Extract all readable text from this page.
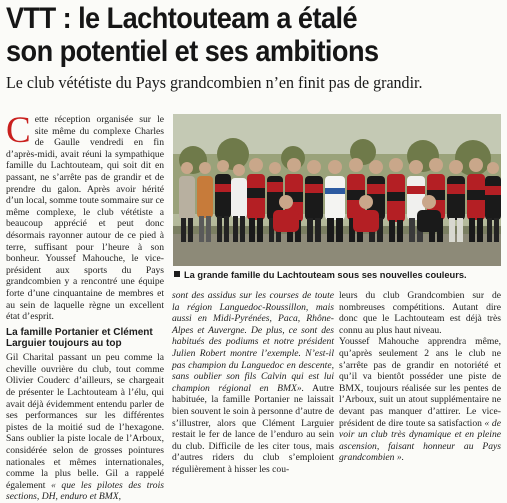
VTT : le Lachtouteam a étalé
son potentiel et ses ambitions

Le club vététiste du Pays grandcombien n’en finit pas de grandir.

Cette réception organisée sur le site même du complexe Charles de Gaulle vendredi en fin d’après-midi, avait réuni la sympathique famille du Lachtouteam, qui soit dit en passant, ne s’arrête pas de grandir et de prendre du galon. Après avoir hérité d’un local, somme toute sommaire sur ce même complexe, le club vététiste a beaucoup apprécié et peut donc désormais rayonner autour de ce pied à terre, suffisant pour l’heure à son bonheur. Youssef Mahouche, le vice-président aux sports du Pays grandcombien y a rencontré une équipe forte d’une cinquantaine de membres et au sein de laquelle règne un excellent état d’esprit.

La famille Portanier et Clément Larguier toujours au top

Gil Charital passant un peu comme la cheville ouvrière du club, tout comme Olivier Couderc d’ailleurs, se chargeait de présenter le Lachtouteam à l’élu, qui avait déjà évidemment entendu parler de ses performances sur les différentes pistes de la moitié sud de l’hexagone. Sans oublier la piste locale de l’Arboux, considérée selon de grosses pointures nationales et mêmes internationales, comme la plus belle. Gil a rappelé également « que les pilotes des trois sections, DH, enduro et BMX,

La grande famille du Lachtouteam sous ses nouvelles couleurs.

sont des assidus sur les courses de toute la région Languedoc-Roussillon, mais aussi en Midi-Pyrénées, Paca, Rhône-Alpes et Auvergne. De plus, ce sont des habitués des podiums et notre président Julien Robert montre l’exemple. N’est-il pas champion du Languedoc en descente, sans oublier son fils Calvin qui est lui champion régional en BMX». Autre habituée, la famille Portanier ne laissait bien souvent le soin à personne d’autre de s’illustrer, alors que Clément Larguier restait le fer de lance de l’enduro au sein du club. Difficile de les citer tous, mais d’autres riders du club s’emploient régulièrement à hisser les cou-

leurs du club Grandcombien sur de nombreuses compétitions. Autant dire donc que le Lachtouteam est déjà très connu au plus haut niveau.

Youssef Mahouche apprendra même, qu’après seulement 2 ans le club ne s’arrête pas de grandir en notoriété et qu’il va bientôt posséder une piste de BMX, toujours réalisée sur les pentes de l’Arboux, suit un atout supplémentaire ne devant pas manquer d’attirer. Le vice-président de dire toute sa satisfaction « de voir un club très dynamique et en pleine ascension, faisant honneur au Pays grandcombien ».
